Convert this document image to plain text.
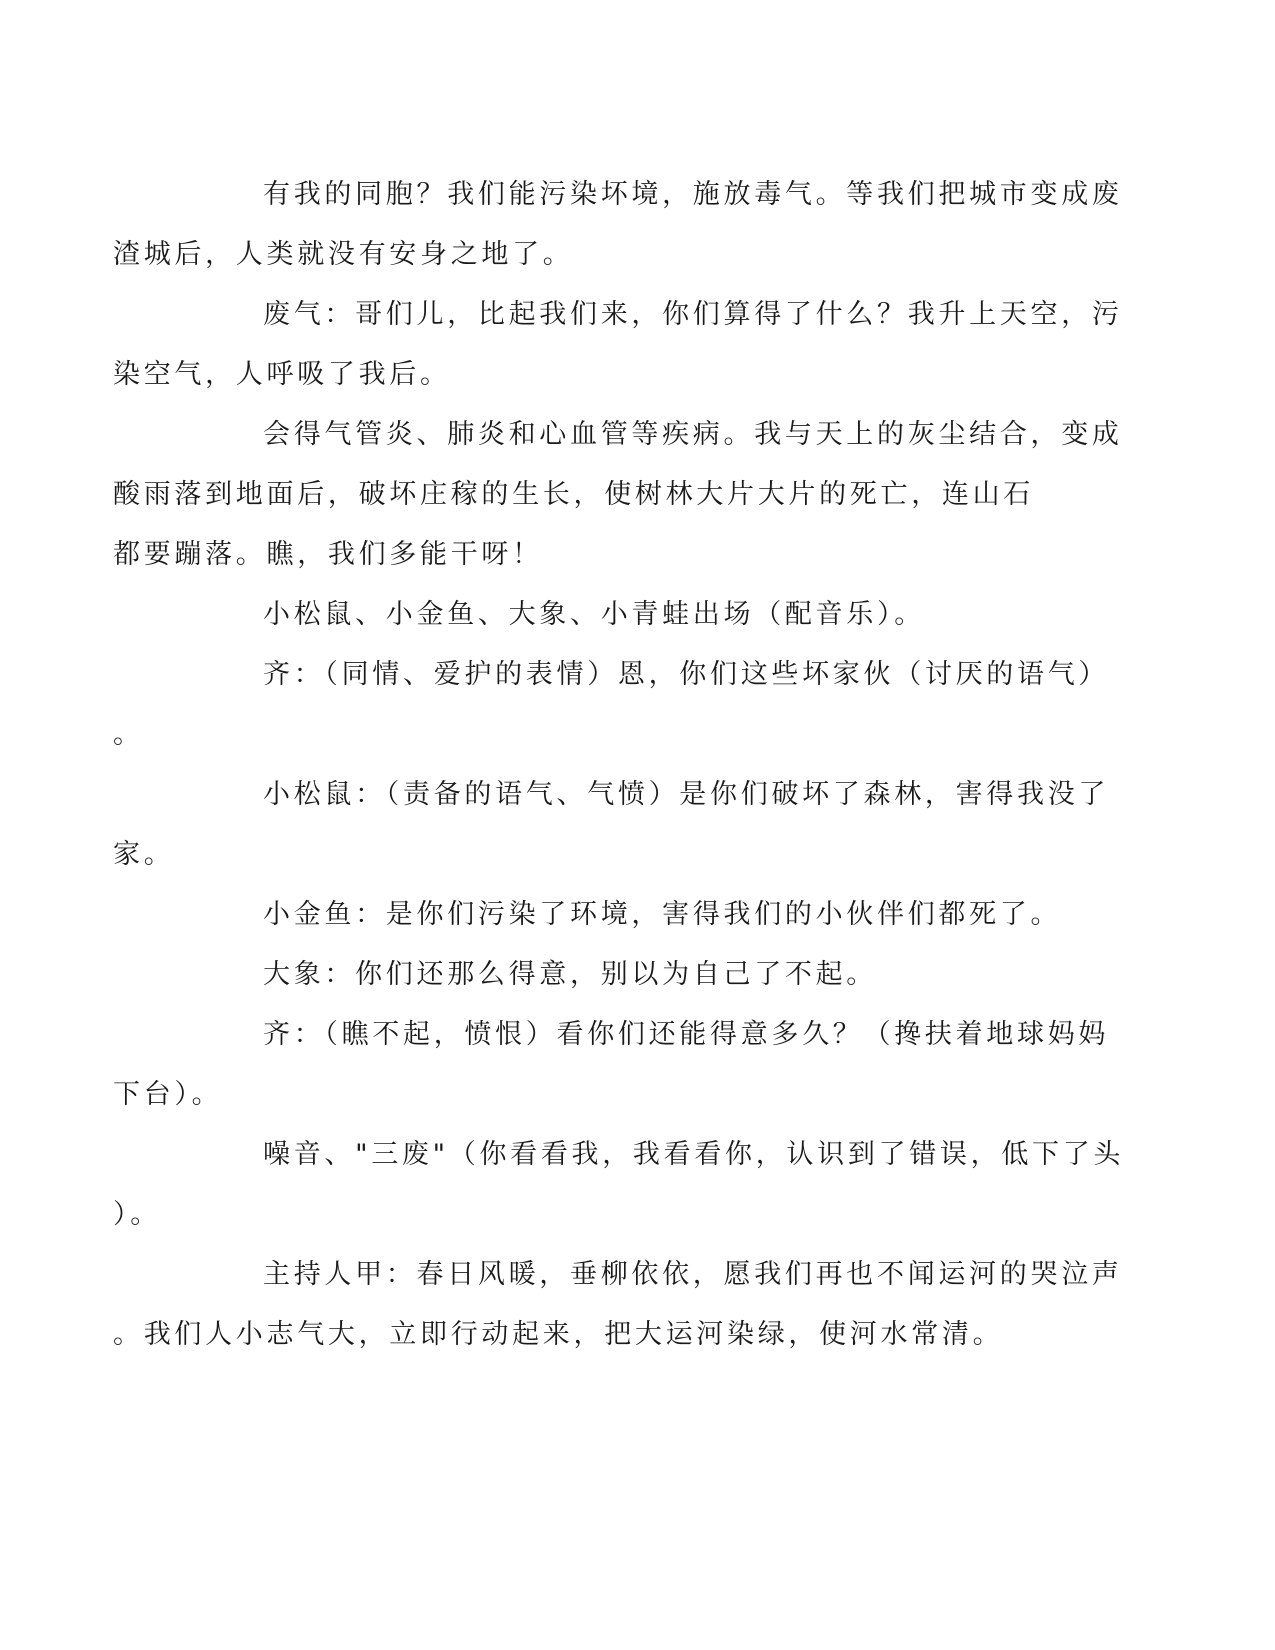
有我的同胞？我们能污染坏境，施放毒气。等我们把城市变成废
渣城后，人类就没有安身之地了。

废气：哥们儿，比起我们来，你们算得了什么？我升上天空，污
染空气，人呼吸了我后。

会得气管炎、肺炎和心血管等疾病。我与天上的灰尘结合，变成
酸雨落到地面后，破坏庄稼的生长，使树林大片大片的死亡，连山石
都要蹦落。瞧，我们多能干呀！

小松鼠、小金鱼、大象、小青蛙出场（配音乐）。

齐：（同情、爱护的表情）恩，你们这些坏家伙（讨厌的语气）
。

小松鼠：（责备的语气、气愤）是你们破坏了森林，害得我没了
家。

小金鱼：是你们污染了环境，害得我们的小伙伴们都死了。

大象：你们还那么得意，别以为自己了不起。

齐：（瞧不起，愤恨）看你们还能得意多久？（搀扶着地球妈妈
下台）。

噪音、"三废"（你看看我，我看看你，认识到了错误，低下了头
）。

主持人甲：春日风暖，垂柳依依，愿我们再也不闻运河的哭泣声
。我们人小志气大，立即行动起来，把大运河染绿，使河水常清。
